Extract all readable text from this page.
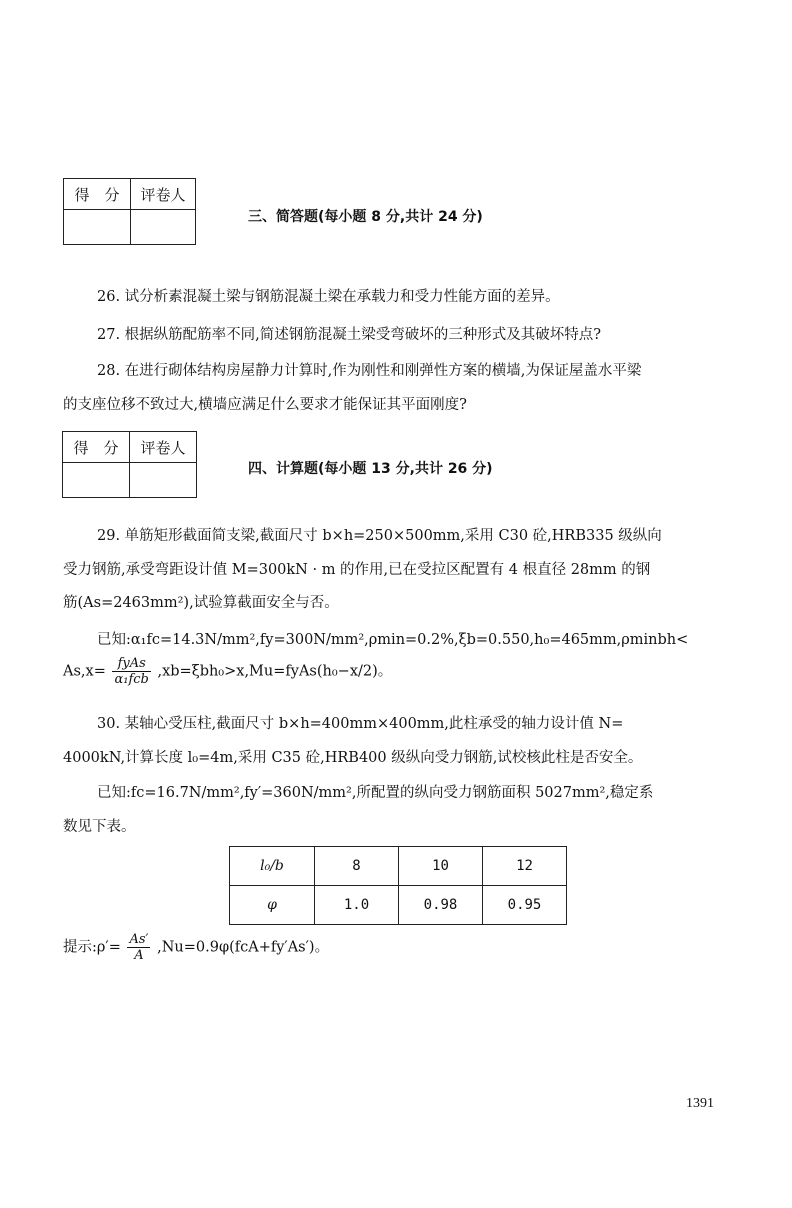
得　分	评卷人

三、简答题(每小题 8 分,共计 24 分)
26. 试分析素混凝土梁与钢筋混凝土梁在承载力和受力性能方面的差异。
27. 根据纵筋配筋率不同,简述钢筋混凝土梁受弯破坏的三种形式及其破坏特点?
28. 在进行砌体结构房屋静力计算时,作为刚性和刚弹性方案的横墙,为保证屋盖水平梁
的支座位移不致过大,横墙应满足什么要求才能保证其平面刚度?
得　分	评卷人

四、计算题(每小题 13 分,共计 26 分)
29. 单筋矩形截面简支梁,截面尺寸 b×h=250×500mm,采用 C30 砼,HRB335 级纵向
受力钢筋,承受弯距设计值 M=300kN · m 的作用,已在受拉区配置有 4 根直径 28mm 的钢
筋(As=2463mm²),试验算截面安全与否。
已知:α₁fc=14.3N/mm²,fy=300N/mm²,ρmin=0.2%,ξb=0.550,h₀=465mm,ρminbh<
$As,x= \frac{\text{fyAs}}{\text{α₁fcb}}$ ,xb=ξbh₀>x,Mu=fyAs(h₀−x/2)。
30. 某轴心受压柱,截面尺寸 b×h=400mm×400mm,此柱承受的轴力设计值 N=
4000kN,计算长度 l₀=4m,采用 C35 砼,HRB400 级纵向受力钢筋,试校核此柱是否安全。
已知:fc=16.7N/mm²,fy′=360N/mm²,所配置的纵向受力钢筋面积 5027mm²,稳定系
数见下表。
l₀/b	8	10	12
φ	1.0	0.98	0.95
提示:ρ′= $\frac{As'}{A} ,Nu=0.9\varphi(fcA+fy'As')$。
1391
